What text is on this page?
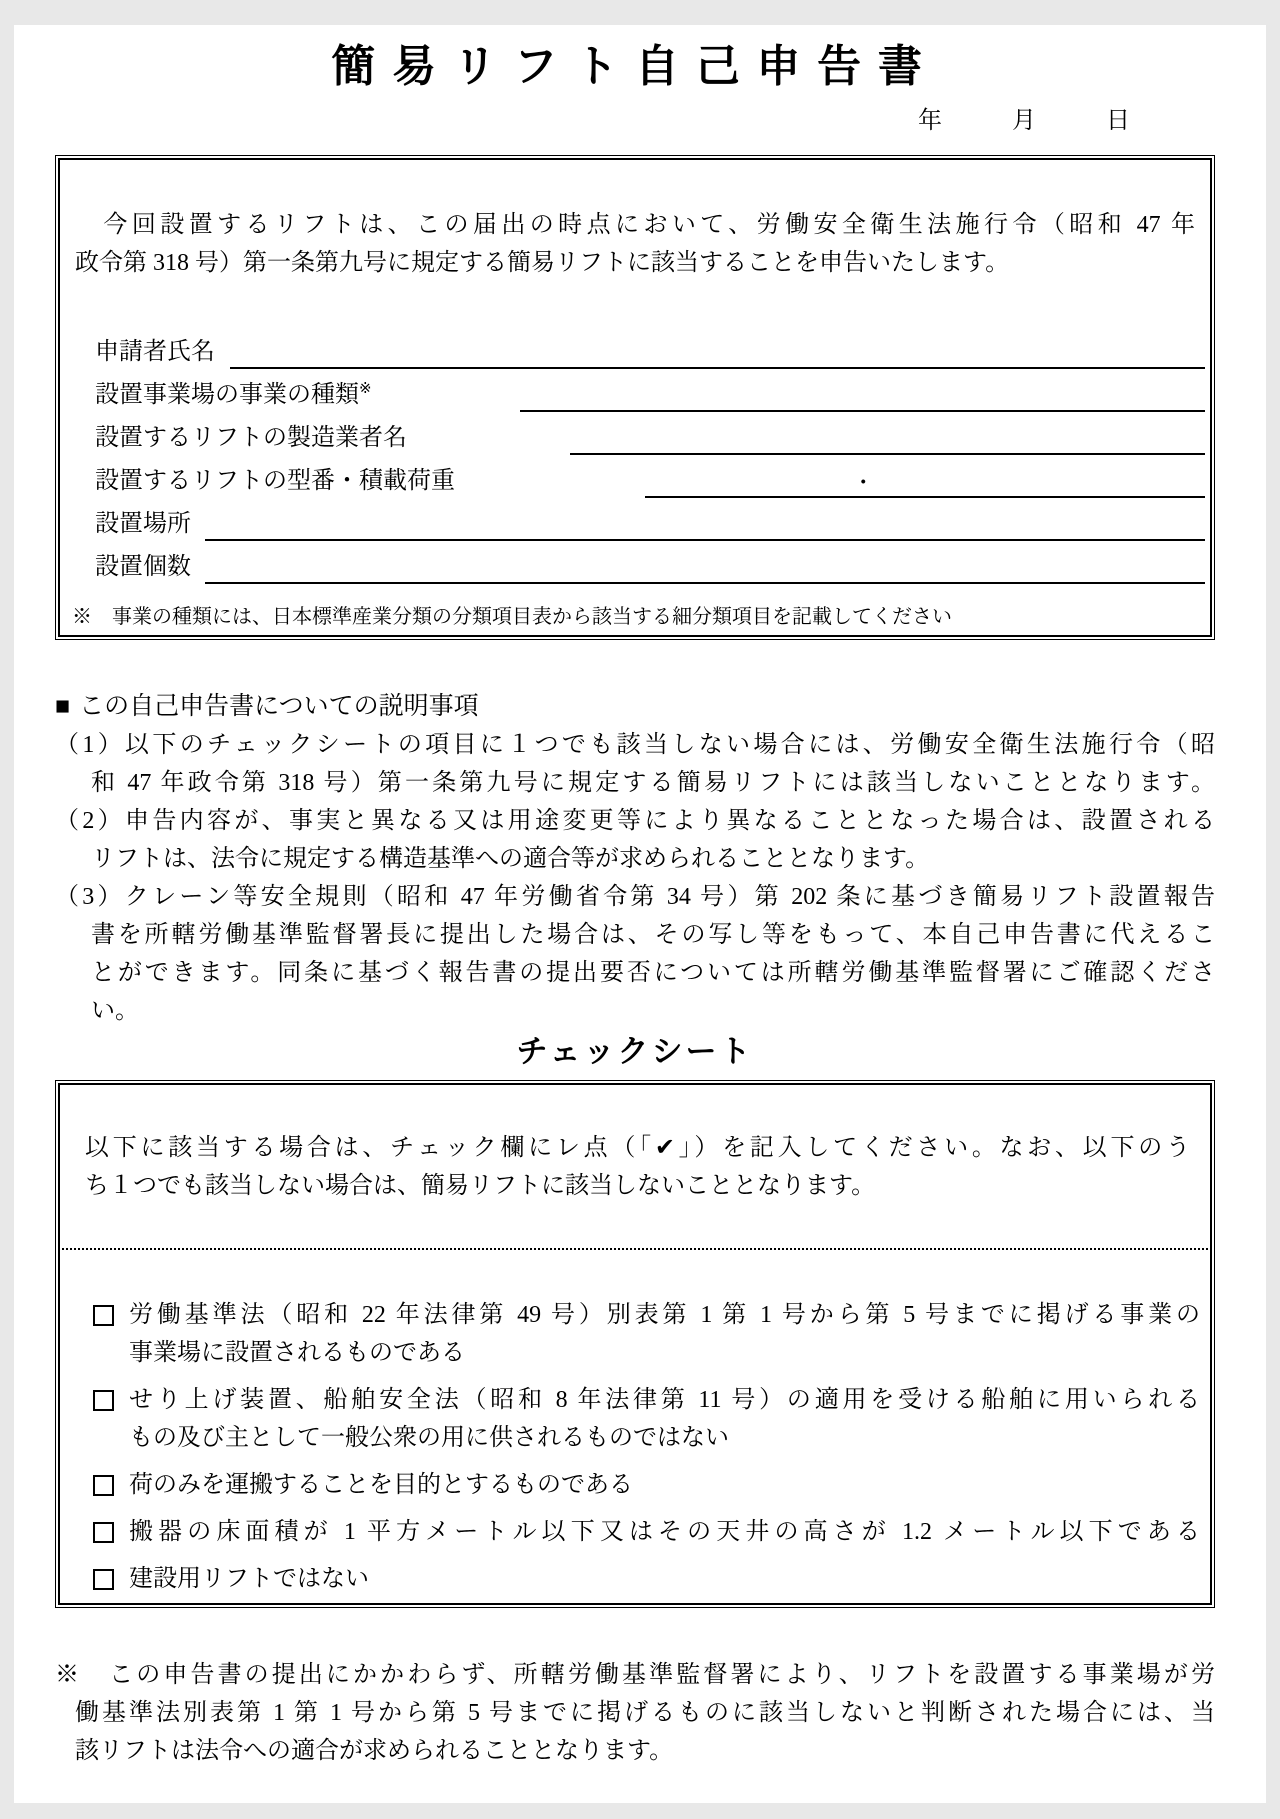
簡易リフト自己申告書
年	月	日

　今回設置するリフトは、この届出の時点において、労働安全衛生法施行令（昭和 47 年
政令第 318 号）第一条第九号に規定する簡易リフトに該当することを申告いたします。

申請者氏名
設置事業場の事業の種類※
設置するリフトの製造業者名
設置するリフトの型番・積載荷重	・
設置場所
設置個数
※　事業の種類には、日本標準産業分類の分類項目表から該当する細分類項目を記載してください
■ この自己申告書についての説明事項
（1）以下のチェックシートの項目に１つでも該当しない場合には、労働安全衛生法施行令（昭
和 47 年政令第 318 号）第一条第九号に規定する簡易リフトには該当しないこととなります。
（2）申告内容が、事実と異なる又は用途変更等により異なることとなった場合は、設置される
リフトは、法令に規定する構造基準への適合等が求められることとなります。
（3）クレーン等安全規則（昭和 47 年労働省令第 34 号）第 202 条に基づき簡易リフト設置報告
書を所轄労働基準監督署長に提出した場合は、その写し等をもって、本自己申告書に代えるこ
とができます。同条に基づく報告書の提出要否については所轄労働基準監督署にご確認くださ
い。
チェックシート
以下に該当する場合は、チェック欄にレ点（「✔」）を記入してください。なお、以下のう
ち１つでも該当しない場合は、簡易リフトに該当しないこととなります。
労働基準法（昭和 22 年法律第 49 号）別表第 1 第 1 号から第 5 号までに掲げる事業の
事業場に設置されるものである
せり上げ装置、船舶安全法（昭和 8 年法律第 11 号）の適用を受ける船舶に用いられる
もの及び主として一般公衆の用に供されるものではない
荷のみを運搬することを目的とするものである
搬器の床面積が 1 平方メートル以下又はその天井の高さが 1.2 メートル以下である
建設用リフトではない
※　この申告書の提出にかかわらず、所轄労働基準監督署により、リフトを設置する事業場が労
働基準法別表第 1 第 1 号から第 5 号までに掲げるものに該当しないと判断された場合には、当
該リフトは法令への適合が求められることとなります。
